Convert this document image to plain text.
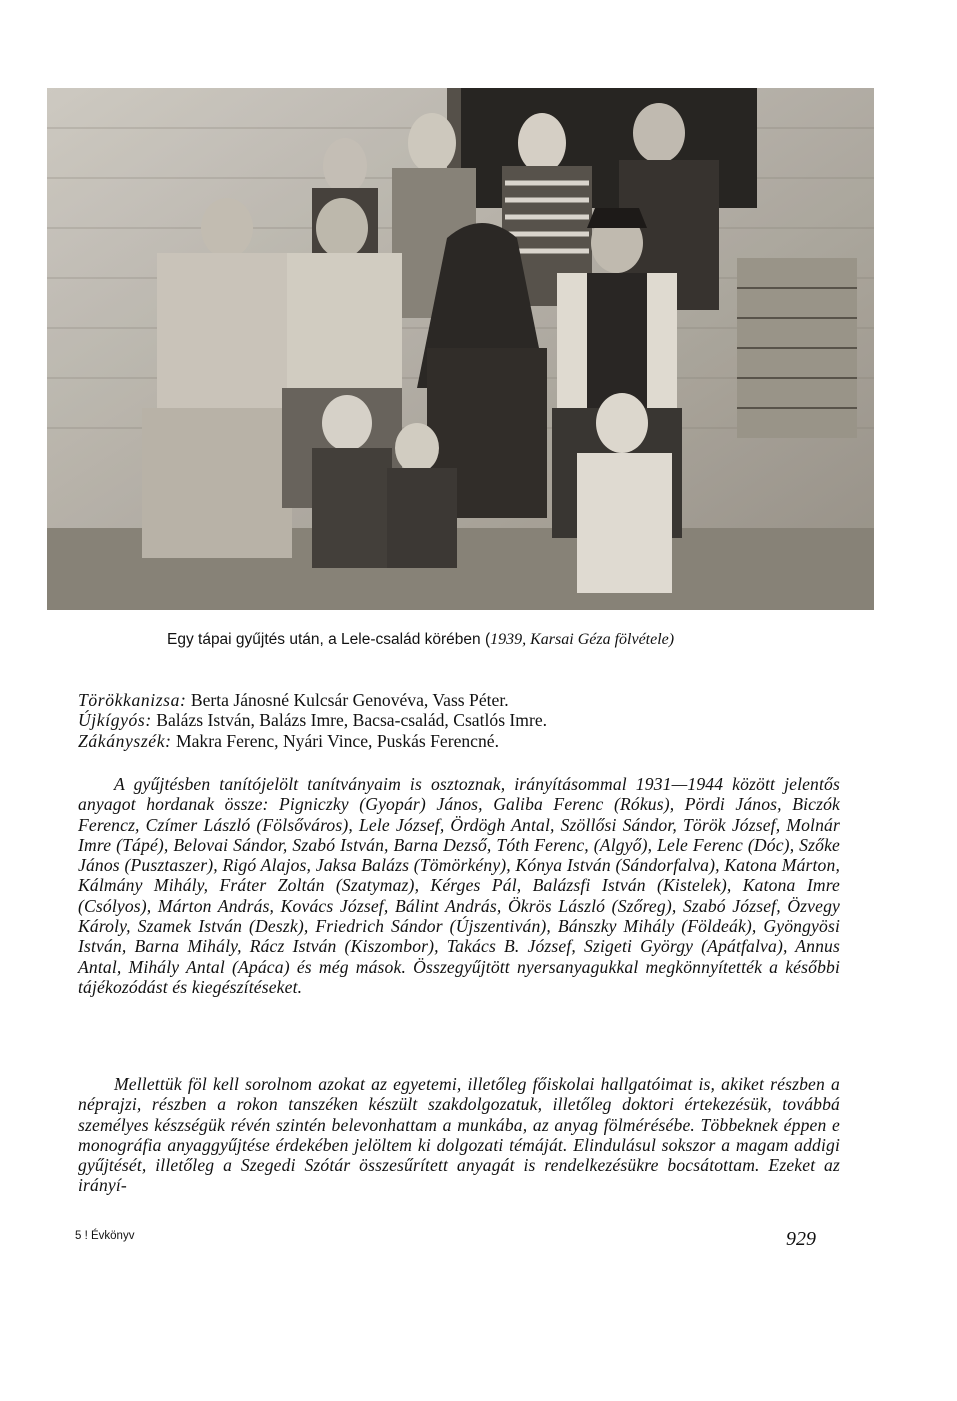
Egy tápai gyűjtés után, a Lele-család körében (1939, Karsai Géza fölvétele)
Törökkanizsa: Berta Jánosné Kulcsár Genovéva, Vass Péter.
Újkígyós: Balázs István, Balázs Imre, Bacsa-család, Csatlós Imre.
Zákányszék: Makra Ferenc, Nyári Vince, Puskás Ferencné.
A gyűjtésben tanítójelölt tanítványaim is osztoznak, irányításommal 1931—1944 között jelentős anyagot hordanak össze: Pigniczky (Gyopár) János, Galiba Ferenc (Rókus), Pördi János, Biczók Ferencz, Czímer László (Fölsőváros), Lele József, Ördögh Antal, Szöllősi Sándor, Török József, Molnár Imre (Tápé), Belovai Sándor, Szabó István, Barna Dezső, Tóth Ferenc, (Algyő), Lele Ferenc (Dóc), Szőke János (Pusztaszer), Rigó Alajos, Jaksa Balázs (Tömörkény), Kónya István (Sándorfalva), Katona Márton, Kálmány Mihály, Fráter Zoltán (Szatymaz), Kérges Pál, Balázsfi István (Kistelek), Katona Imre (Csólyos), Márton András, Kovács József, Bálint András, Ökrös László (Szőreg), Szabó József, Özvegy Károly, Szamek István (Deszk), Friedrich Sándor (Újszentiván), Bánszky Mihály (Földeák), Gyöngyösi István, Barna Mihály, Rácz István (Kiszombor), Takács B. József, Szigeti György (Apátfalva), Annus Antal, Mihály Antal (Apáca) és még mások. Összegyűjtött nyersanyagukkal megkönnyítették a későbbi tájékozódást és kiegészítéseket.
Mellettük föl kell sorolnom azokat az egyetemi, illetőleg főiskolai hallgatóimat is, akiket részben a néprajzi, részben a rokon tanszéken készült szakdolgozatuk, illetőleg doktori értekezésük, továbbá személyes készségük révén szintén belevonhattam a munkába, az anyag fölmérésébe. Többeknek éppen e monográfia anyaggyűjtése érdekében jelöltem ki dolgozati témáját. Elindulásul sokszor a magam addigi gyűjtését, illetőleg a Szegedi Szótár összesűrített anyagát is rendelkezésükre bocsátottam. Ezeket az irányí-
5 ! Évkönyv	929
